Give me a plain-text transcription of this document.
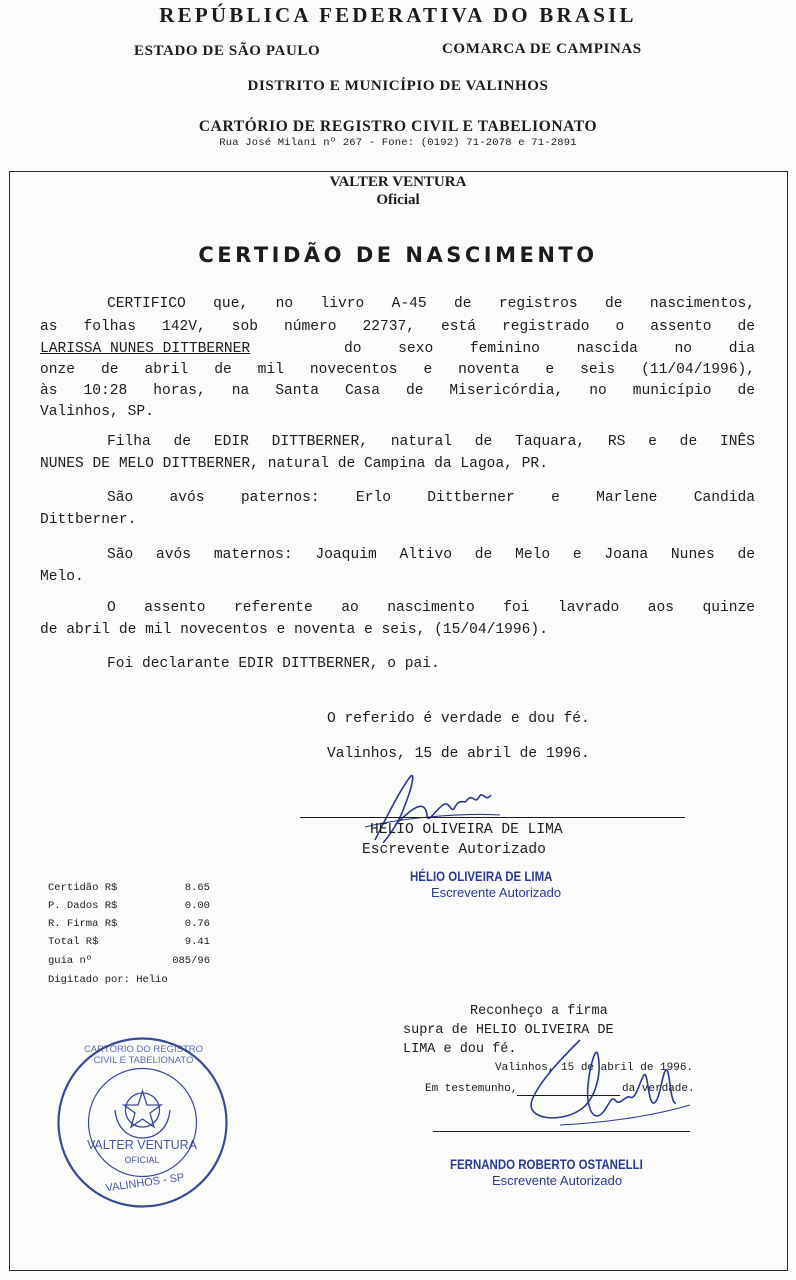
REPÚBLICA FEDERATIVA DO BRASIL
ESTADO DE SÃO PAULO	COMARCA DE CAMPINAS
DISTRITO E MUNICÍPIO DE VALINHOS
CARTÓRIO DE REGISTRO CIVIL E TABELIONATO
Rua José Milani nº 267 - Fone: (0192) 71-2078 e 71-2891
VALTER VENTURA
Oficial
CERTIDÃO DE NASCIMENTO
CERTIFICO que, no livro A-45 de registros de nascimentos,
as folhas 142V, sob número 22737, está registrado o assento de
LARISSA NUNES DITTBERNER	do sexo feminino nascida no dia
onze de abril de mil novecentos e noventa e seis (11/04/1996),
às 10:28 horas, na Santa Casa de Misericórdia, no município de
Valinhos, SP.
Filha de EDIR DITTBERNER, natural de Taquara, RS e de INÊS
NUNES DE MELO DITTBERNER, natural de Campina da Lagoa, PR.
São avós paternos: Erlo Dittberner e Marlene Candida
Dittberner.
São avós maternos: Joaquim Altivo de Melo e Joana Nunes de
Melo.
O assento referente ao nascimento foi lavrado aos quinze
de abril de mil novecentos e noventa e seis, (15/04/1996).
Foi declarante EDIR DITTBERNER, o pai.
O referido é verdade e dou fé.
Valinhos, 15 de abril de 1996.
HELIO OLIVEIRA DE LIMA
Escrevente Autorizado
HÉLIO OLIVEIRA DE LIMA
Escrevente Autorizado
Certidão R$	8.65
P. Dados R$	0.00
R. Firma R$	0.76
Total R$	9.41
guia nº	085/96
Digitado por: Helio
Reconheço a firma
supra de HELIO OLIVEIRA DE
LIMA e dou fé.
Valinhos, 15 de abril de 1996.
Em testemunho,	da verdade.
FERNANDO ROBERTO OSTANELLI
Escrevente Autorizado
VALTER VENTURA
OFICIAL
VALINHOS - SP
CARTÓRIO DO REGISTRO CIVIL E TABELIONATO
